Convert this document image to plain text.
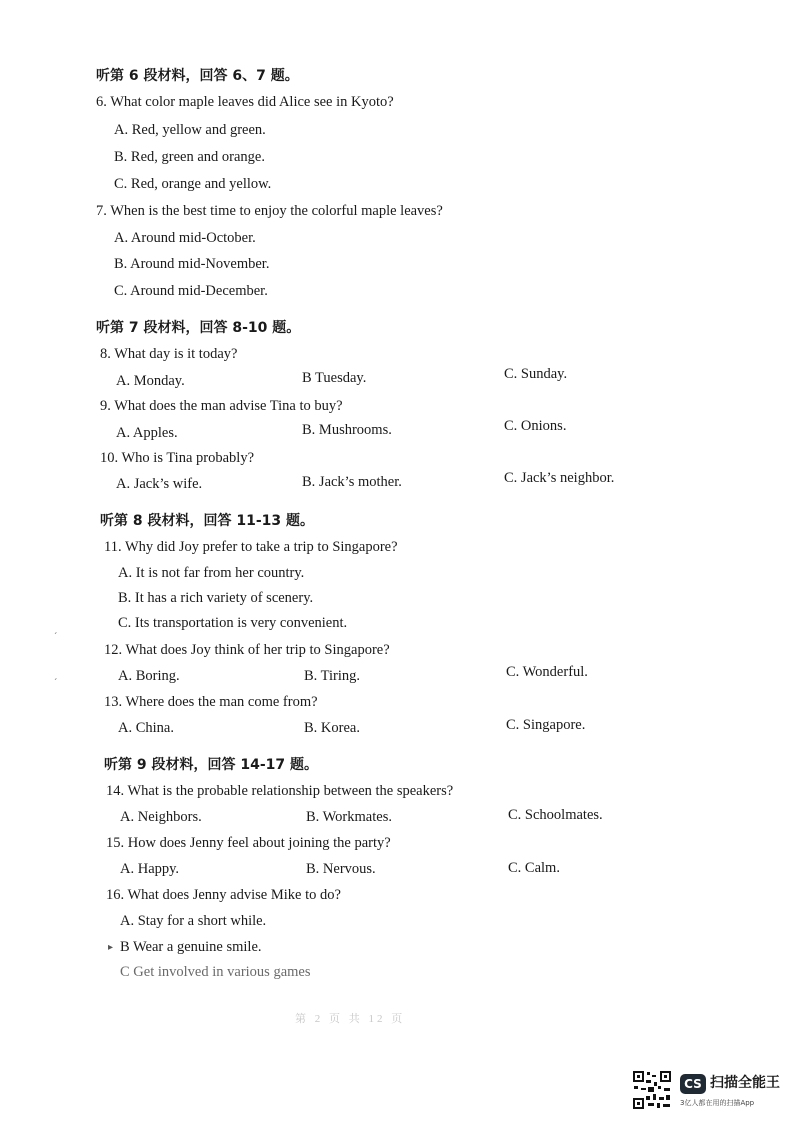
听第 6 段材料，回答 6、7 题。
6. What color maple leaves did Alice see in Kyoto?
A. Red, yellow and green.
B. Red, green and orange.
C. Red, orange and yellow.
7. When is the best time to enjoy the colorful maple leaves?
A. Around mid-October.
B. Around mid-November.
C. Around mid-December.
听第 7 段材料，回答 8-10 题。
8. What day is it today?
A. Monday.	B Tuesday.	C. Sunday.
9. What does the man advise Tina to buy?
A. Apples.	B. Mushrooms.	C. Onions.
10. Who is Tina probably?
A. Jack’s wife.	B. Jack’s mother.	C. Jack’s neighbor.
听第 8 段材料，回答 11-13 题。
11. Why did Joy prefer to take a trip to Singapore?
A. It is not far from her country.
B. It has a rich variety of scenery.
C. Its transportation is very convenient.
12. What does Joy think of her trip to Singapore?
A. Boring.	B. Tiring.	C. Wonderful.
13. Where does the man come from?
A. China.	B. Korea.	C. Singapore.
听第 9 段材料，回答 14-17 题。
14. What is the probable relationship between the speakers?
A. Neighbors.	B. Workmates.	C. Schoolmates.
15. How does Jenny feel about joining the party?
A. Happy.	B. Nervous.	C. Calm.
16. What does Jenny advise Mike to do?
A. Stay for a short while.
B Wear a genuine smile.
C Get involved in various games
ˊ
ˊ
▸
第 2 页 共 12 页
CS 扫描全能王
3亿人都在用的扫描App
